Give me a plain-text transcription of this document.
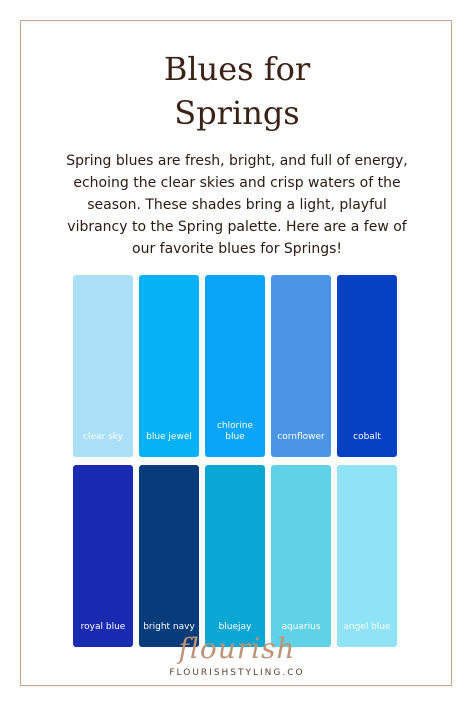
Blues for
Springs

Spring blues are fresh, bright, and full of energy, echoing the clear skies and crisp waters of the season. These shades bring a light, playful vibrancy to the Spring palette. Here are a few of our favorite blues for Springs!

clear sky	blue jewel
chlorine blue	cornflower	cobalt
royal blue	bright navy	bluejay	aquarius	angel blue
flourish
FLOURISHSTYLING.CO
